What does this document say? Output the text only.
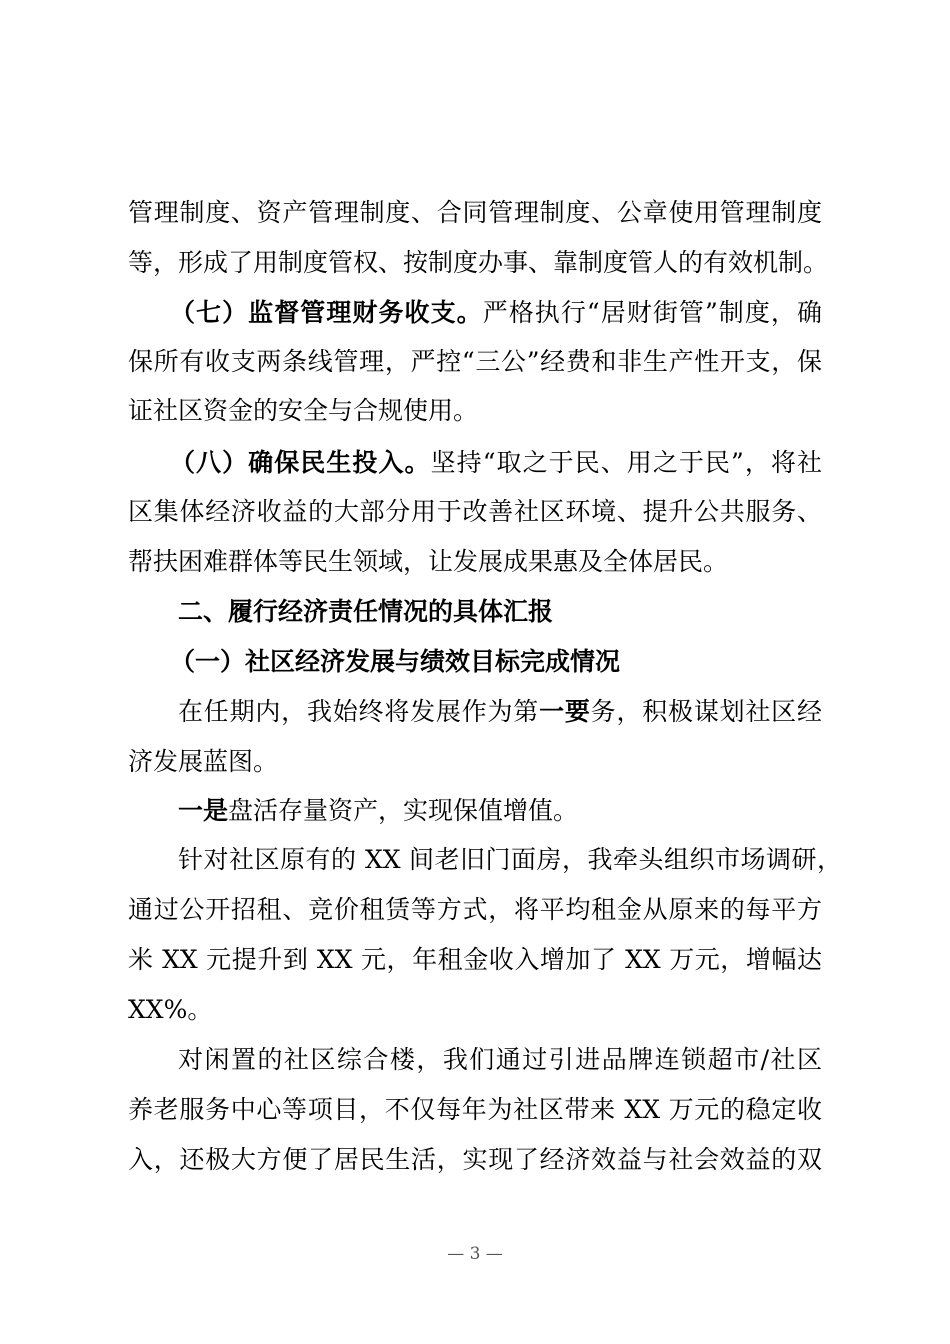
管理制度、资产管理制度、合同管理制度、公章使用管理制度
等，形成了用制度管权、按制度办事、靠制度管人的有效机制。
（七）监督管理财务收支。严格执行“居财街管”制度，确
保所有收支两条线管理，严控“三公”经费和非生产性开支，保
证社区资金的安全与合规使用。
（八）确保民生投入。坚持“取之于民、用之于民”，将社
区集体经济收益的大部分用于改善社区环境、提升公共服务、
帮扶困难群体等民生领域，让发展成果惠及全体居民。
二、履行经济责任情况的具体汇报
（一）社区经济发展与绩效目标完成情况
在任期内，我始终将发展作为第一要务，积极谋划社区经
济发展蓝图。
一是盘活存量资产，实现保值增值。
针对社区原有的 XX 间老旧门面房，我牵头组织市场调研，
通过公开招租、竞价租赁等方式，将平均租金从原来的每平方
米 XX 元提升到 XX 元，年租金收入增加了 XX 万元，增幅达
XX%。
对闲置的社区综合楼，我们通过引进品牌连锁超市/社区
养老服务中心等项目，不仅每年为社区带来 XX 万元的稳定收
入，还极大方便了居民生活，实现了经济效益与社会效益的双
— 3 —
